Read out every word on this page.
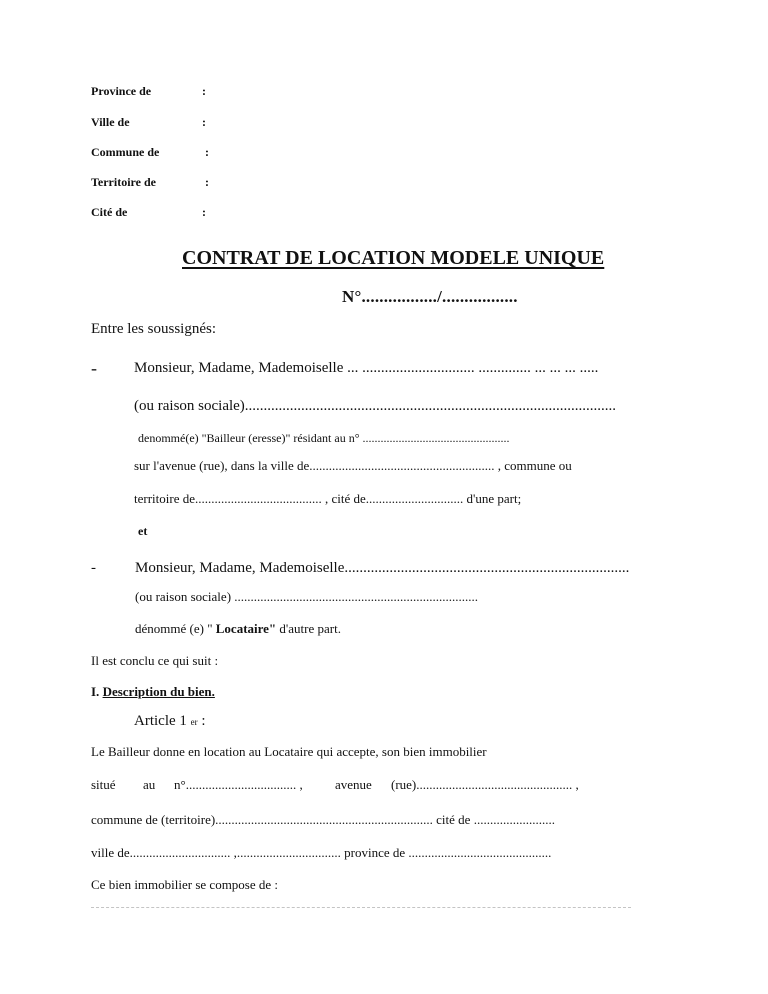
Province de	:
Ville de	:
Commune de	:
Territoire de	:
Cité de	:
CONTRAT DE LOCATION MODELE UNIQUE
N°................./.................
Entre les soussignés:
- Monsieur, Madame, Mademoiselle ... .............................. .............. ... ... ... .....
(ou raison sociale)...................................................................................................
denommé(e) "Bailleur (eresse)" résidant au n° .................................................
sur l'avenue (rue), dans la ville de......................................................... , commune ou
territoire de....................................... , cité de.............................. d'une part;
et
-	Monsieur, Madame, Mademoiselle............................................................................
(ou raison sociale) ...........................................................................
dénommé (e) " Locataire" d'autre part.
Il est conclu ce qui suit :
I. Description du bien.
Article 1 er :
Le Bailleur donne en location au Locataire qui accepte, son bien immobilier
situé au n°.................................. , avenue (rue)................................................ ,
commune de (territoire)................................................................... cité de .........................
ville de............................... ,................................ province de ............................................
Ce bien immobilier se compose de :
